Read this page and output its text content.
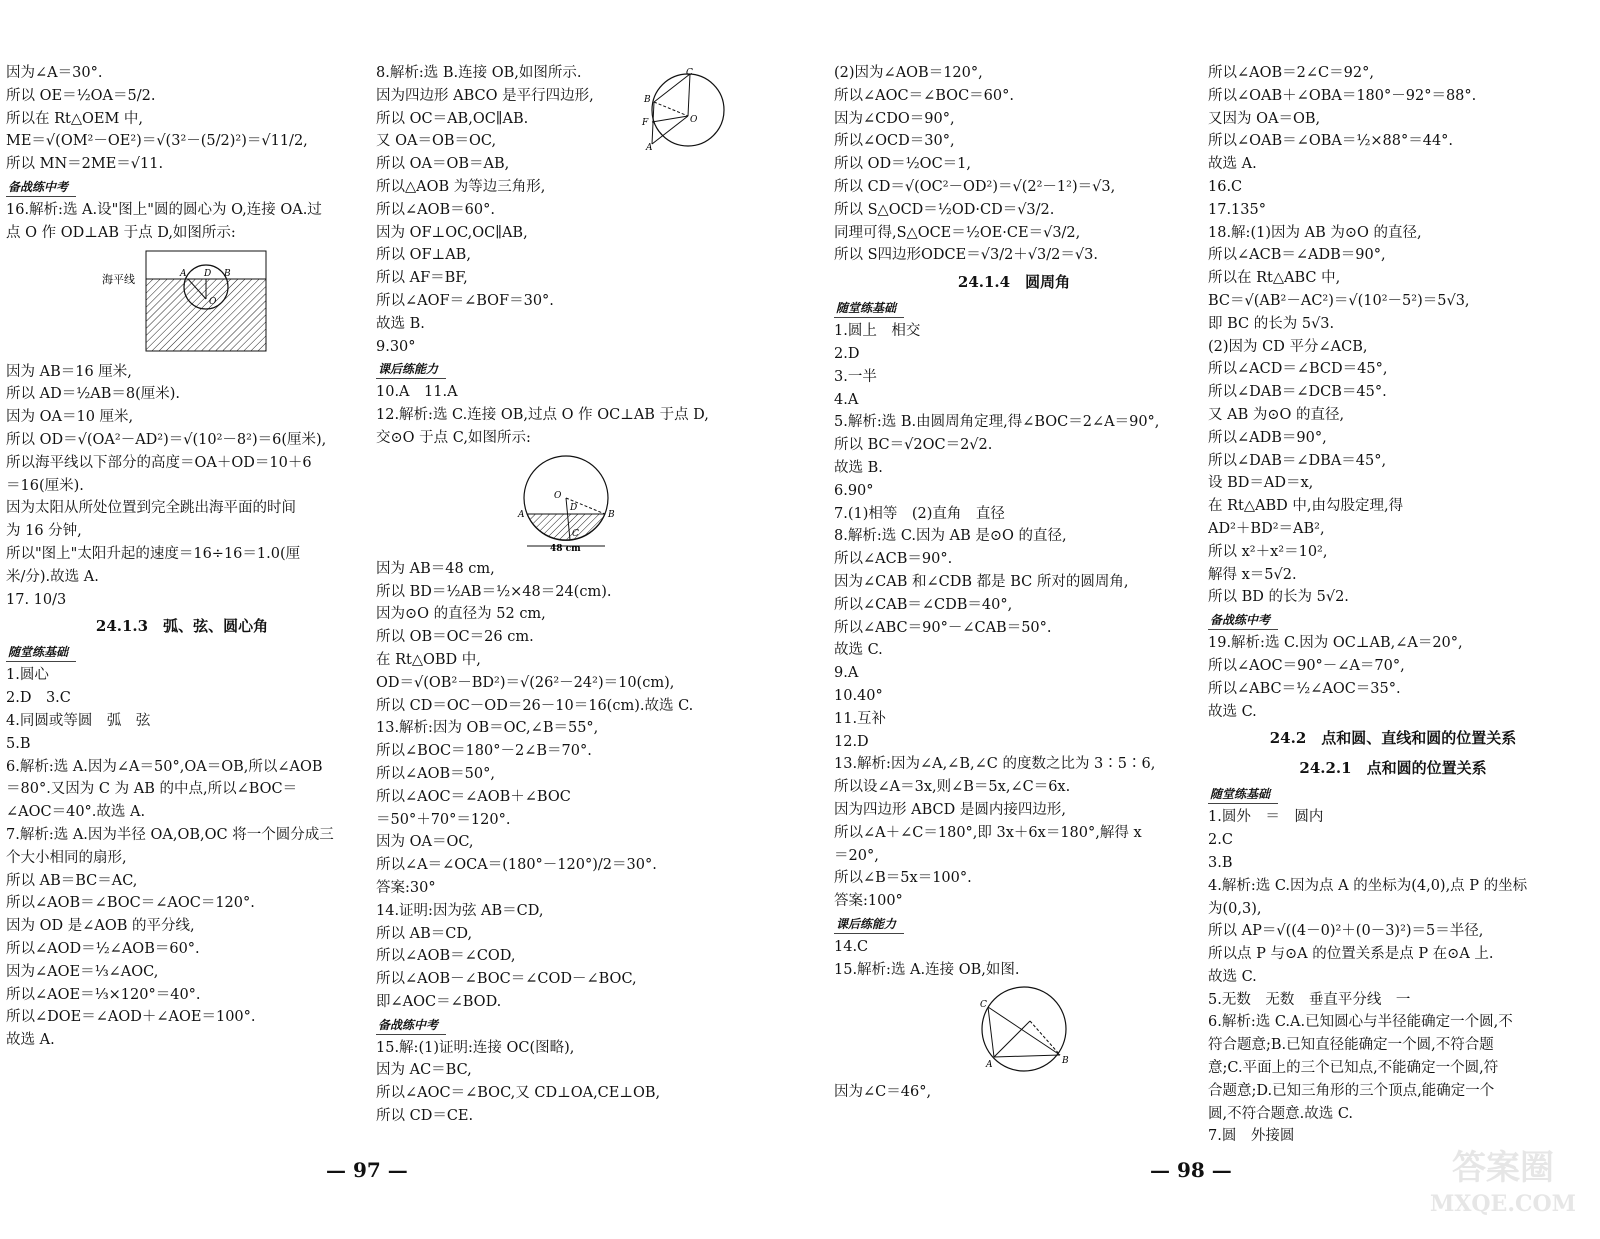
因为∠A＝30°.
所以 OE＝½OA＝5/2.
所以在 Rt△OEM 中,
ME＝√(OM²－OE²)＝√(3²－(5/2)²)＝√11/2,
所以 MN＝2ME＝√11.
备战练中考
16.解析:选 A.设"图上"圆的圆心为 O,连接 OA.过
点 O 作 OD⊥AB 于点 D,如图所示:
海平线	A D B
O
因为 AB＝16 厘米,
所以 AD＝½AB＝8(厘米).
因为 OA＝10 厘米,
所以 OD＝√(OA²－AD²)＝√(10²－8²)＝6(厘米),
所以海平线以下部分的高度＝OA＋OD＝10＋6
＝16(厘米).
因为太阳从所处位置到完全跳出海平面的时间
为 16 分钟,
所以"图上"太阳升起的速度＝16÷16＝1.0(厘
米/分).故选 A.
17. 10/3
24.1.3　弧、弦、圆心角
随堂练基础
1.圆心
2.D　3.C
4.同圆或等圆　弧　弦
5.B
6.解析:选 A.因为∠A＝50°,OA＝OB,所以∠AOB
＝80°.又因为 C 为 AB 的中点,所以∠BOC＝
∠AOC＝40°.故选 A.
7.解析:选 A.因为半径 OA,OB,OC 将一个圆分成三
个大小相同的扇形,
所以 AB＝BC＝AC,
所以∠AOB＝∠BOC＝∠AOC＝120°.
因为 OD 是∠AOB 的平分线,
所以∠AOD＝½∠AOB＝60°.
因为∠AOE＝⅓∠AOC,
所以∠AOE＝⅓×120°＝40°.
所以∠DOE＝∠AOD＋∠AOE＝100°.
故选 A.
8.解析:选 B.连接 OB,如图所示.
因为四边形 ABCO 是平行四边形,
所以 OC＝AB,OC∥AB.
又 OA＝OB＝OC,
所以 OA＝OB＝AB,
所以△AOB 为等边三角形,
所以∠AOB＝60°.
因为 OF⊥OC,OC∥AB,
所以 OF⊥AB,
所以 AF＝BF,
所以∠AOF＝∠BOF＝30°.
故选 B.
9.30°
课后练能力
10.A　11.A
12.解析:选 C.连接 OB,过点 O 作 OC⊥AB 于点 D,
交⊙O 于点 C,如图所示:
48 cm
O
D
A	B
C
因为 AB＝48 cm,
所以 BD＝½AB＝½×48＝24(cm).
因为⊙O 的直径为 52 cm,
所以 OB＝OC＝26 cm.
在 Rt△OBD 中,
OD＝√(OB²－BD²)＝√(26²－24²)＝10(cm),
所以 CD＝OC－OD＝26－10＝16(cm).故选 C.
13.解析:因为 OB＝OC,∠B＝55°,
所以∠BOC＝180°－2∠B＝70°.
所以∠AOB＝50°,
所以∠AOC＝∠AOB＋∠BOC
＝50°＋70°＝120°.
因为 OA＝OC,
所以∠A＝∠OCA＝(180°－120°)/2＝30°.
答案:30°
14.证明:因为弦 AB＝CD,
所以 AB＝CD,
所以∠AOB＝∠COD,
所以∠AOB－∠BOC＝∠COD－∠BOC,
即∠AOC＝∠BOD.
备战练中考
15.解:(1)证明:连接 OC(图略),
因为 AC＝BC,
所以∠AOC＝∠BOC,又 CD⊥OA,CE⊥OB,
所以 CD＝CE.
(2)因为∠AOB＝120°,
所以∠AOC＝∠BOC＝60°.
因为∠CDO＝90°,
所以∠OCD＝30°,
所以 OD＝½OC＝1,
所以 CD＝√(OC²－OD²)＝√(2²－1²)＝√3,
所以 S△OCD＝½OD·CD＝√3/2.
同理可得,S△OCE＝½OE·CE＝√3/2,
所以 S四边形ODCE＝√3/2＋√3/2＝√3.
24.1.4　圆周角
随堂练基础
1.圆上　相交
2.D
3.一半
4.A
5.解析:选 B.由圆周角定理,得∠BOC＝2∠A＝90°,
所以 BC＝√2OC＝2√2.
故选 B.
6.90°
7.(1)相等　(2)直角　直径
8.解析:选 C.因为 AB 是⊙O 的直径,
所以∠ACB＝90°.
因为∠CAB 和∠CDB 都是 BC 所对的圆周角,
所以∠CAB＝∠CDB＝40°,
所以∠ABC＝90°－∠CAB＝50°.
故选 C.
9.A
10.40°
11.互补
12.D
13.解析:因为∠A,∠B,∠C 的度数之比为 3∶5∶6,
所以设∠A＝3x,则∠B＝5x,∠C＝6x.
因为四边形 ABCD 是圆内接四边形,
所以∠A＋∠C＝180°,即 3x＋6x＝180°,解得 x
＝20°,
所以∠B＝5x＝100°.
答案:100°
课后练能力
14.C
15.解析:选 A.连接 OB,如图.
C
A	B
因为∠C＝46°,
所以∠AOB＝2∠C＝92°,
所以∠OAB＋∠OBA＝180°－92°＝88°.
又因为 OA＝OB,
所以∠OAB＝∠OBA＝½×88°＝44°.
故选 A.
16.C
17.135°
18.解:(1)因为 AB 为⊙O 的直径,
所以∠ACB＝∠ADB＝90°,
所以在 Rt△ABC 中,
BC＝√(AB²－AC²)＝√(10²－5²)＝5√3,
即 BC 的长为 5√3.
(2)因为 CD 平分∠ACB,
所以∠ACD＝∠BCD＝45°,
所以∠DAB＝∠DCB＝45°.
又 AB 为⊙O 的直径,
所以∠ADB＝90°,
所以∠DAB＝∠DBA＝45°,
设 BD＝AD＝x,
在 Rt△ABD 中,由勾股定理,得
AD²＋BD²＝AB²,
所以 x²＋x²＝10²,
解得 x＝5√2.
所以 BD 的长为 5√2.
备战练中考
19.解析:选 C.因为 OC⊥AB,∠A＝20°,
所以∠AOC＝90°－∠A＝70°,
所以∠ABC＝½∠AOC＝35°.
故选 C.
24.2　点和圆、直线和圆的位置关系
24.2.1　点和圆的位置关系
随堂练基础
1.圆外　＝　圆内
2.C
3.B
4.解析:选 C.因为点 A 的坐标为(4,0),点 P 的坐标
为(0,3),
所以 AP＝√((4－0)²＋(0－3)²)＝5＝半径,
所以点 P 与⊙A 的位置关系是点 P 在⊙A 上.
故选 C.
5.无数　无数　垂直平分线　一
6.解析:选 C.A.已知圆心与半径能确定一个圆,不
符合题意;B.已知直径能确定一个圆,不符合题
意;C.平面上的三个已知点,不能确定一个圆,符
合题意;D.已知三角形的三个顶点,能确定一个
圆,不符合题意.故选 C.
7.圆　外接圆
C
B
F	O
A
— 97 —	— 98 —	答案圈
MXQE.COM
